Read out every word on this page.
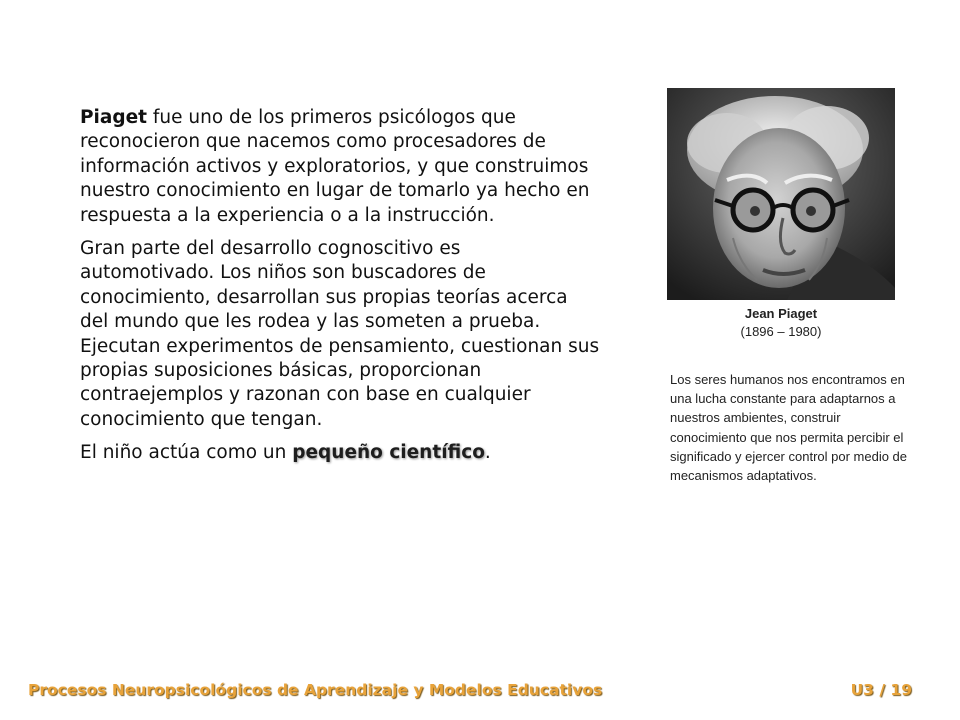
Piaget fue uno de los primeros psicólogos que reconocieron que nacemos como procesadores de información activos y exploratorios, y que construimos nuestro conocimiento en lugar de tomarlo ya hecho en respuesta a la experiencia o a la instrucción.

Gran parte del desarrollo cognoscitivo es automotivado. Los niños son buscadores de conocimiento, desarrollan sus propias teorías acerca del mundo que les rodea y las someten a prueba. Ejecutan experimentos de pensamiento, cuestionan sus propias suposiciones básicas, proporcionan contraejemplos y razonan con base en cualquier conocimiento que tengan.

El niño actúa como un pequeño científico.

Jean Piaget
(1896 – 1980)
Los seres humanos nos encontramos en una lucha constante para adaptarnos a nuestros ambientes, construir conocimiento que nos permita percibir el significado y ejercer control por medio de mecanismos adaptativos.
Procesos Neuropsicológicos de Aprendizaje y Modelos Educativos	U3 / 19
